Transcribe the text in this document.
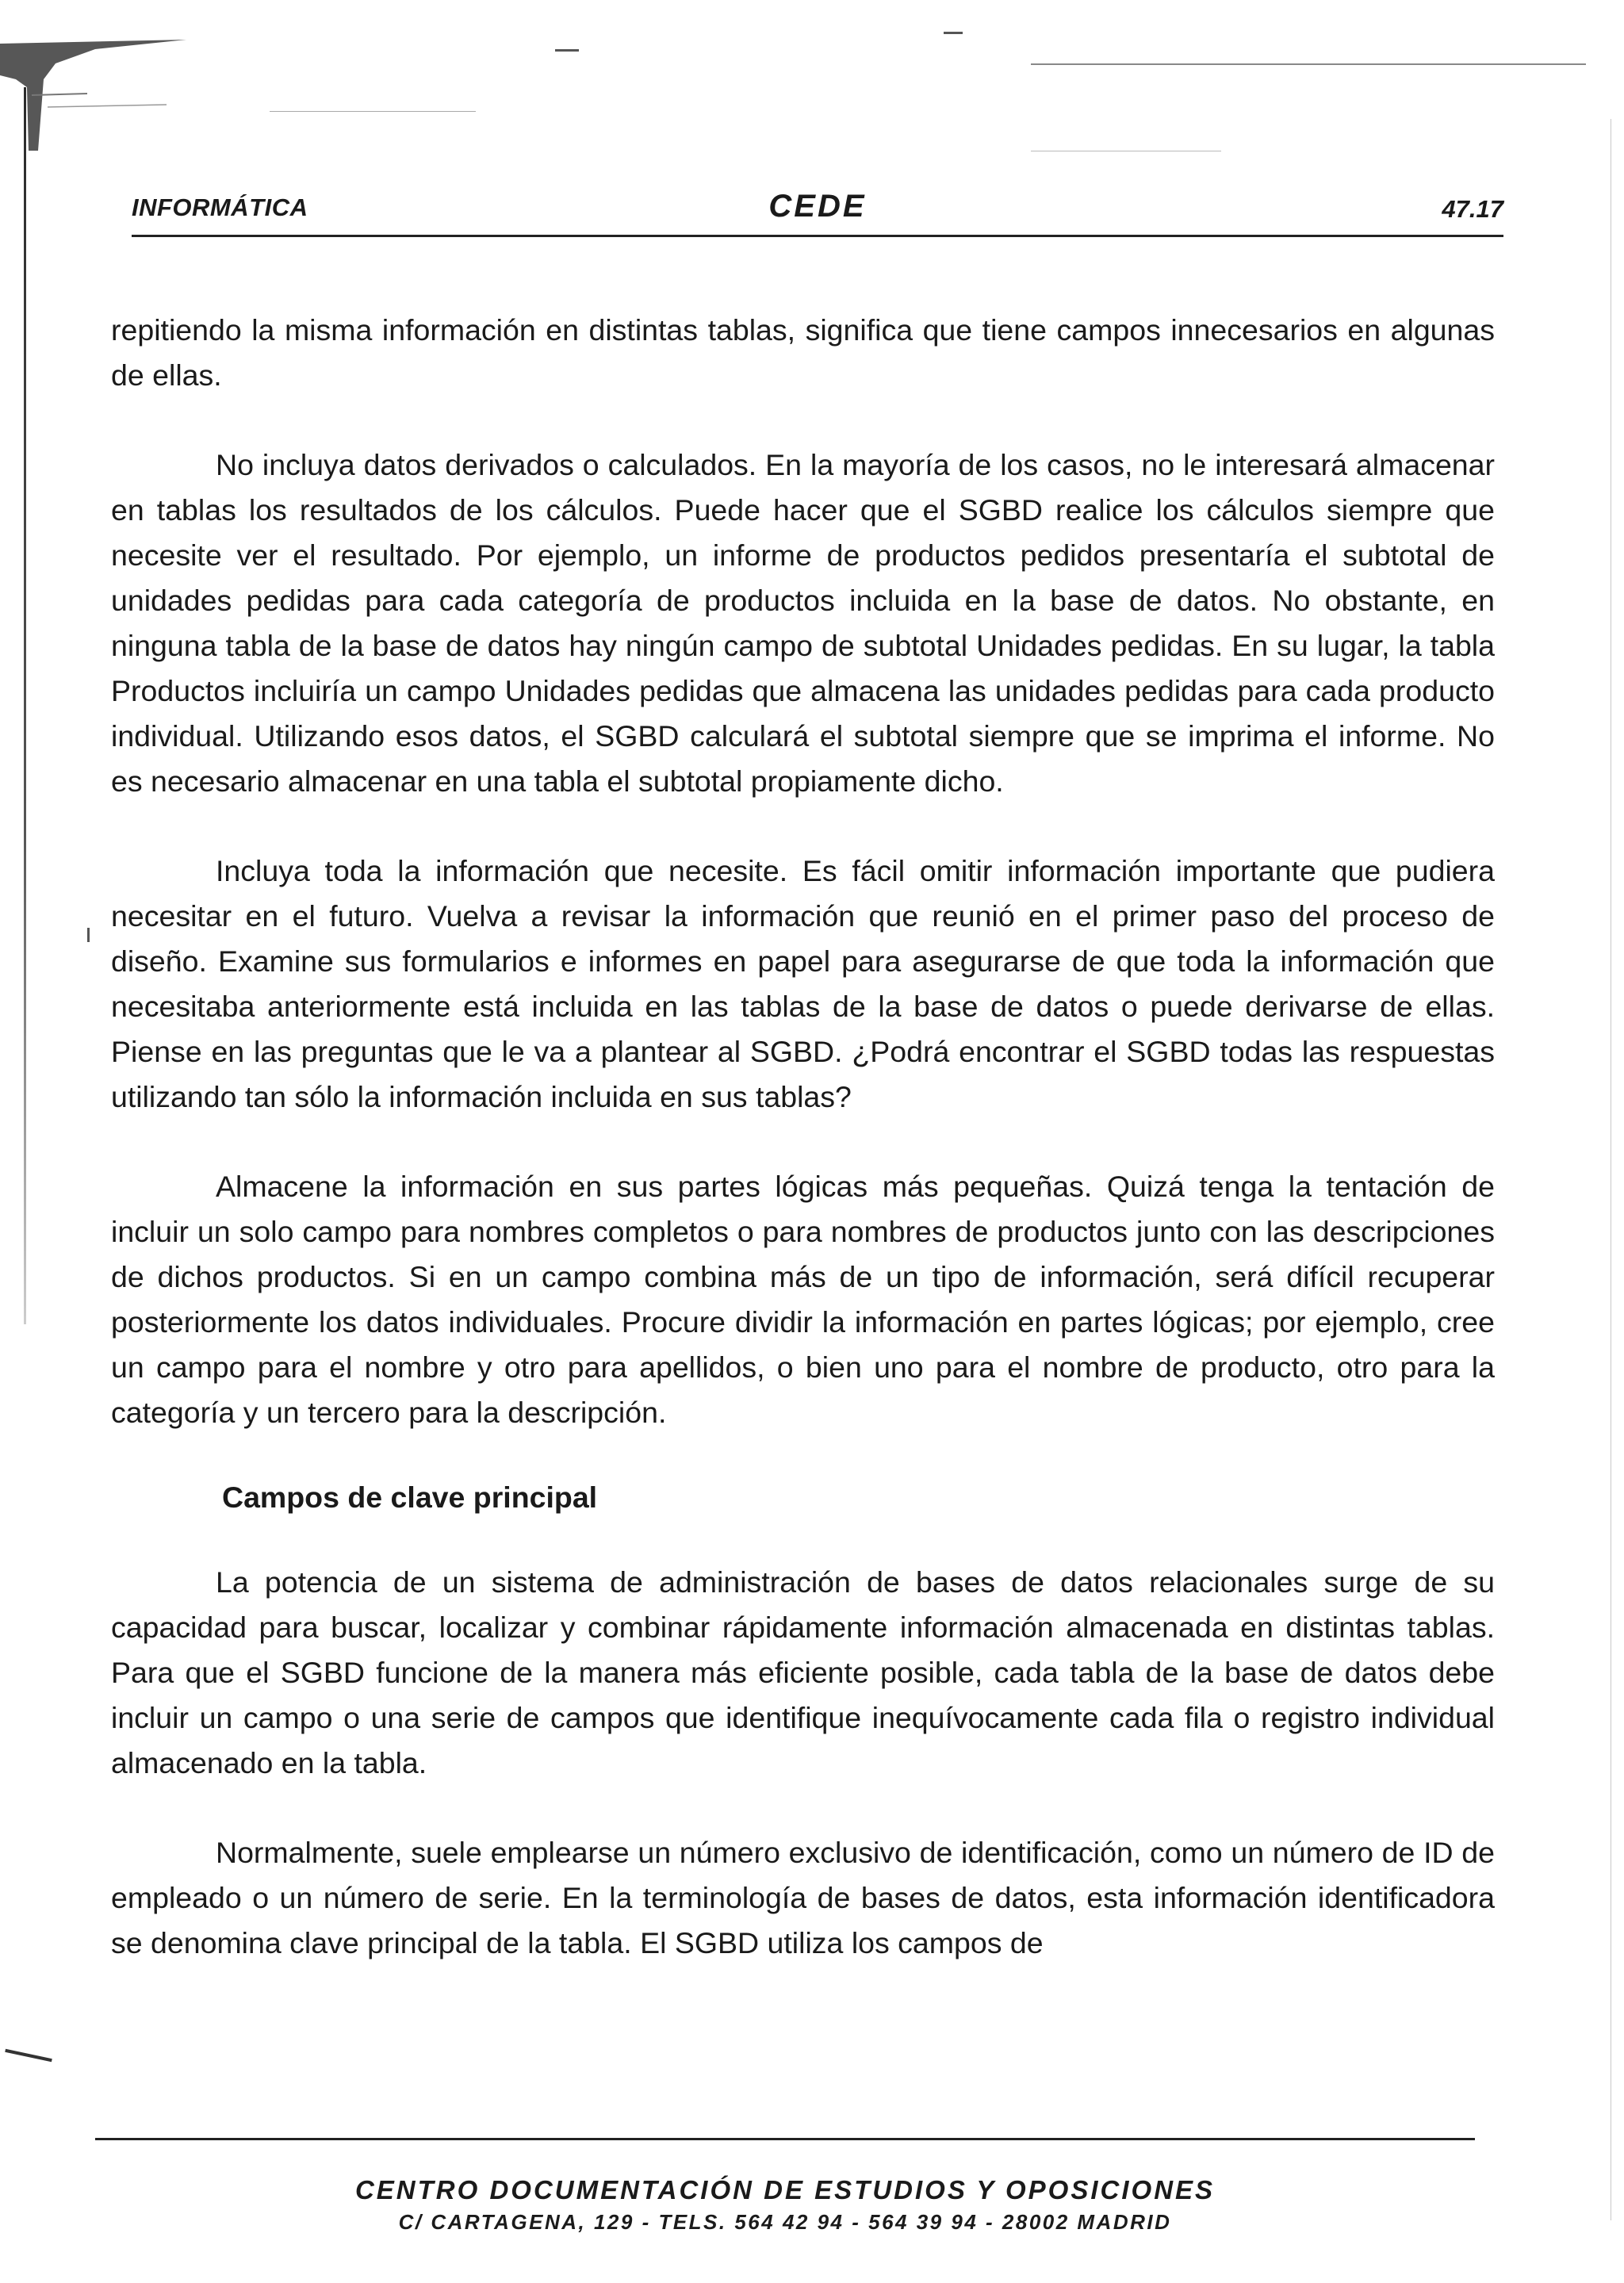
INFORMÁTICA	CEDE	47.17

repitiendo la misma información en distintas tablas, significa que tiene campos innecesarios en algunas de ellas.

No incluya datos derivados o calculados. En la mayoría de los casos, no le interesará almacenar en tablas los resultados de los cálculos. Puede hacer que el SGBD realice los cálculos siempre que necesite ver el resultado. Por ejemplo, un informe de productos pedidos presentaría el subtotal de unidades pedidas para cada categoría de productos incluida en la base de datos. No obstante, en ninguna tabla de la base de datos hay ningún campo de subtotal Unidades pedidas. En su lugar, la tabla Productos incluiría un campo Unidades pedidas que almacena las unidades pedidas para cada producto individual. Utilizando esos datos, el SGBD calculará el subtotal siempre que se imprima el informe. No es necesario almacenar en una tabla el subtotal propiamente dicho.

Incluya toda la información que necesite. Es fácil omitir información importante que pudiera necesitar en el futuro. Vuelva a revisar la información que reunió en el primer paso del proceso de diseño. Examine sus formularios e informes en papel para asegurarse de que toda la información que necesitaba anteriormente está incluida en las tablas de la base de datos o puede derivarse de ellas. Piense en las preguntas que le va a plantear al SGBD. ¿Podrá encontrar el SGBD todas las respuestas utilizando tan sólo la información incluida en sus tablas?

Almacene la información en sus partes lógicas más pequeñas. Quizá tenga la tentación de incluir un solo campo para nombres completos o para nombres de productos junto con las descripciones de dichos productos. Si en un campo combina más de un tipo de información, será difícil recuperar posteriormente los datos individuales. Procure dividir la información en partes lógicas; por ejemplo, cree un campo para el nombre y otro para apellidos, o bien uno para el nombre de producto, otro para la categoría y un tercero para la descripción.

Campos de clave principal

La potencia de un sistema de administración de bases de datos relacionales surge de su capacidad para buscar, localizar y combinar rápidamente información almacenada en distintas tablas. Para que el SGBD funcione de la manera más eficiente posible, cada tabla de la base de datos debe incluir un campo o una serie de campos que identifique inequívocamente cada fila o registro individual almacenado en la tabla.

Normalmente, suele emplearse un número exclusivo de identificación, como un número de ID de empleado o un número de serie. En la terminología de bases de datos, esta información identificadora se denomina clave principal de la tabla. El SGBD utiliza los campos de

CENTRO DOCUMENTACIÓN DE ESTUDIOS Y OPOSICIONES
C/ CARTAGENA, 129 - TELS. 564 42 94 - 564 39 94 - 28002 MADRID
